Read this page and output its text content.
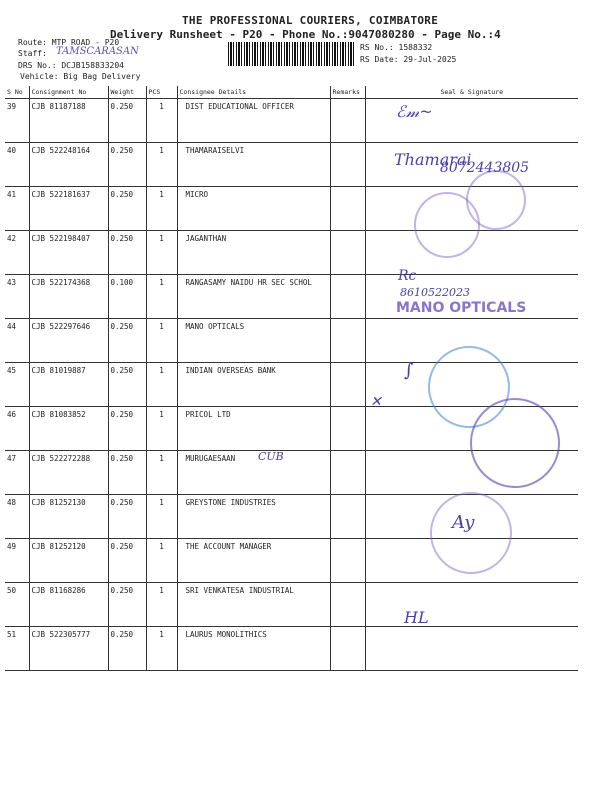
THE PROFESSIONAL COURIERS, COIMBATORE
Delivery Runsheet - P20 - Phone No.:9047080280 - Page No.:4
Route: MTP ROAD - P20
Staff: TAMSCARASAN
DRS No.: DCJB158833204
Vehicle: Big Bag Delivery
RS No.: 1588332
RS Date: 29-Jul-2025
S No	Consignment No	Weight	PCS	Consignee Details	Remarks	Seal & Signature
39	CJB 81187188	0.250	1	DIST EDUCATIONAL OFFICER		
40	CJB 522248164	0.250	1	THAMARAISELVI		
41	CJB 522181637	0.250	1	MICRO		
42	CJB 522198407	0.250	1	JAGANTHAN		
43	CJB 522174368	0.100	1	RANGASAMY NAIDU HR SEC SCHOL		
44	CJB 522297646	0.250	1	MANO OPTICALS		
45	CJB 81019887	0.250	1	INDIAN OVERSEAS BANK		
46	CJB 81083852	0.250	1	PRICOL LTD		
47	CJB 522272288	0.250	1	MURUGAESAAN		
48	CJB 81252130	0.250	1	GREYSTONE INDUSTRIES		
49	CJB 81252120	0.250	1	THE ACCOUNT MANAGER		
50	CJB 81168286	0.250	1	SRI VENKATESA INDUSTRIAL		
51	CJB 522305777	0.250	1	LAURUS MONOLITHICS		
ℰ𝓂~
Thamarai
8072443805
Rc
8610522023
MANO OPTICALS
∫
✕
CUB
Ay
HL
